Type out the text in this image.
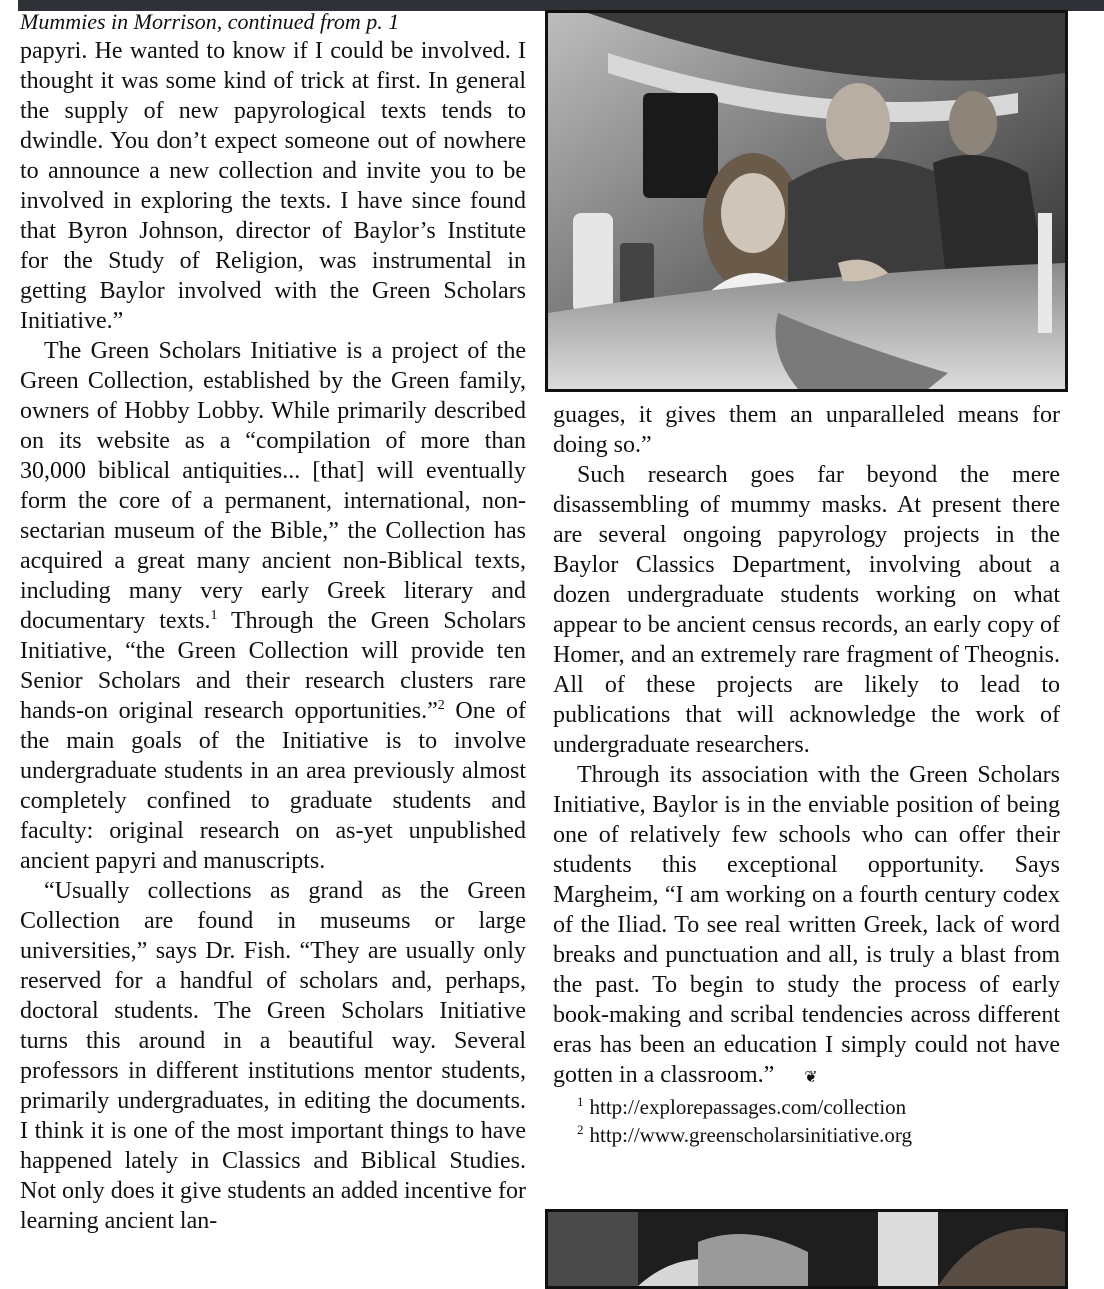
Mummies in Morrison, continued from p. 1

papyri. He wanted to know if I could be involved. I thought it was some kind of trick at first. In general the supply of new papyrological texts tends to dwindle. You don’t expect someone out of nowhere to announce a new collection and invite you to be involved in exploring the texts. I have since found that Byron Johnson, director of Baylor’s Institute for the Study of Religion, was instrumental in getting Baylor involved with the Green Scholars Initiative.”

The Green Scholars Initiative is a project of the Green Collection, established by the Green family, owners of Hobby Lobby. While primarily described on its website as a “compilation of more than 30,000 biblical antiquities... [that] will eventually form the core of a permanent, international, non-sectarian museum of the Bible,” the Collection has acquired a great many ancient non-Biblical texts, including many very early Greek literary and documentary texts.$^1$ Through the Green Scholars Initiative, “the Green Collection will provide ten Senior Scholars and their research clusters rare hands-on original research opportunities.”$^2$ One of the main goals of the Initiative is to involve undergraduate students in an area previously almost completely confined to graduate students and faculty: original research on as-yet unpublished ancient papyri and manuscripts.

“Usually collections as grand as the Green Collection are found in museums or large universities,” says Dr. Fish. “They are usually only reserved for a handful of scholars and, perhaps, doctoral students. The Green Scholars Initiative turns this around in a beautiful way. Several professors in different institutions mentor students, primarily undergraduates, in editing the documents. I think it is one of the most important things to have happened lately in Classics and Biblical Studies. Not only does it give students an added incentive for learning ancient lan-

guages, it gives them an unparalleled means for doing so.”

Such research goes far beyond the mere disassembling of mummy masks. At present there are several ongoing papyrology projects in the Baylor Classics Department, involving about a dozen undergraduate students working on what appear to be ancient census records, an early copy of Homer, and an extremely rare fragment of Theognis. All of these projects are likely to lead to publications that will acknowledge the work of undergraduate researchers.

Through its association with the Green Scholars Initiative, Baylor is in the enviable position of being one of relatively few schools who can offer their students this exceptional opportunity. Says Margheim, “I am working on a fourth century codex of the Iliad. To see real written Greek, lack of word breaks and punctuation and all, is truly a blast from the past. To begin to study the process of early book-making and scribal tendencies across different eras has been an education I simply could not have gotten in a classroom.” ❦

$^1$ http://explorepassages.com/collection
$^2$ http://www.greenscholarsinitiative.org
